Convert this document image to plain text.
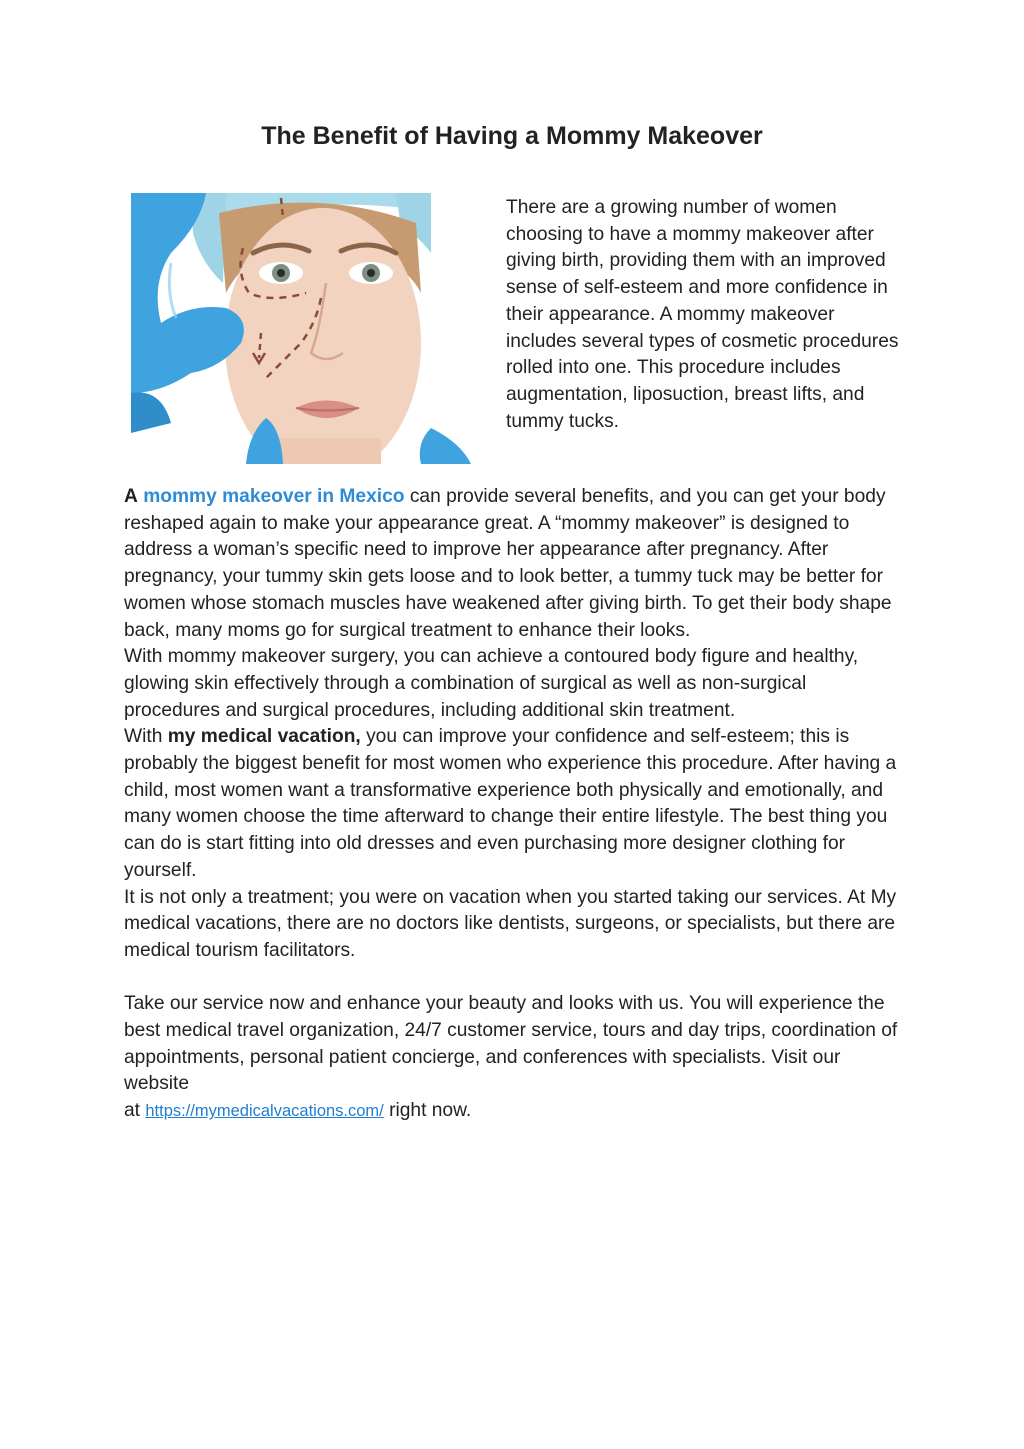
The Benefit of Having a Mommy Makeover

There are a growing number of women choosing to have a mommy makeover after giving birth, providing them with an improved sense of self-esteem and more confidence in their appearance. A mommy makeover includes several types of cosmetic procedures rolled into one. This procedure includes augmentation, liposuction, breast lifts, and tummy tucks.

A mommy makeover in Mexico can provide several benefits, and you can get your body reshaped again to make your appearance great. A “mommy makeover” is designed to address a woman’s specific need to improve her appearance after pregnancy. After pregnancy, your tummy skin gets loose and to look better, a tummy tuck may be better for women whose stomach muscles have weakened after giving birth. To get their body shape back, many moms go for surgical treatment to enhance their looks.

With mommy makeover surgery, you can achieve a contoured body figure and healthy, glowing skin effectively through a combination of surgical as well as non-surgical procedures and surgical procedures, including additional skin treatment.

With my medical vacation, you can improve your confidence and self-esteem; this is probably the biggest benefit for most women who experience this procedure. After having a child, most women want a transformative experience both physically and emotionally, and many women choose the time afterward to change their entire lifestyle. The best thing you can do is start fitting into old dresses and even purchasing more designer clothing for yourself.

It is not only a treatment; you were on vacation when you started taking our services. At My medical vacations, there are no doctors like dentists, surgeons, or specialists, but there are medical tourism facilitators.

Take our service now and enhance your beauty and looks with us. You will experience the best medical travel organization, 24/7 customer service, tours and day trips, coordination of appointments, personal patient concierge, and conferences with specialists. Visit our website
at https://mymedicalvacations.com/ right now.
